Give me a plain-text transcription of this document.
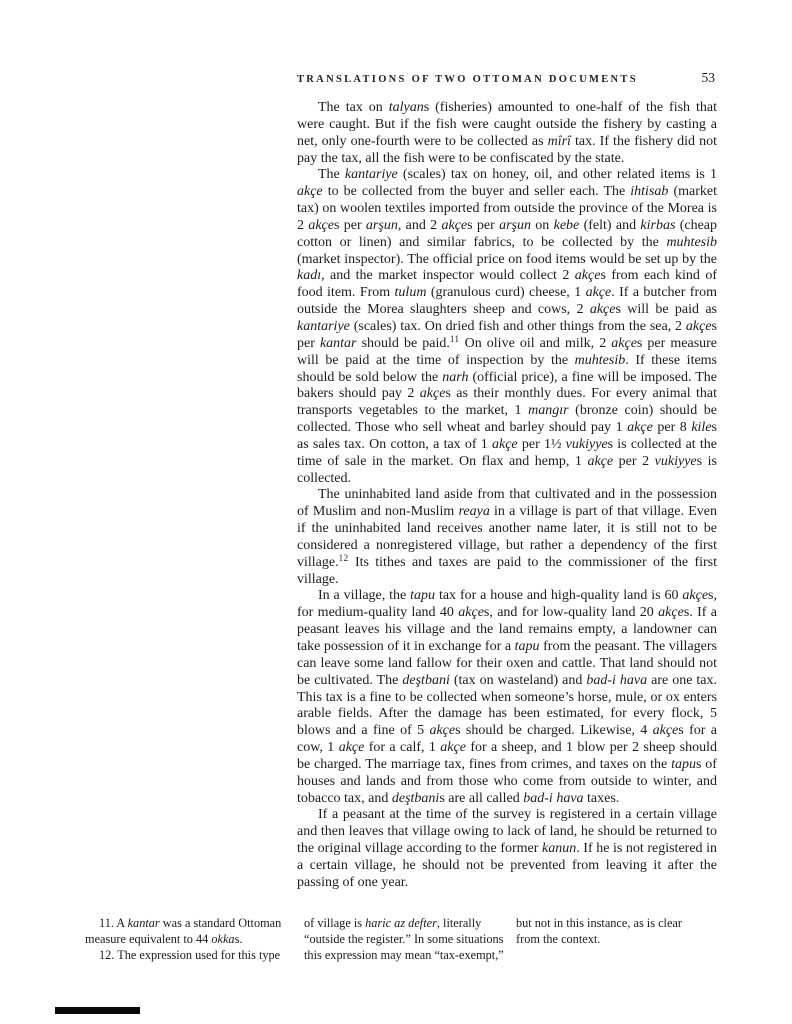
TRANSLATIONS OF TWO OTTOMAN DOCUMENTS	53

The tax on talyans (fisheries) amounted to one-half of the fish that were caught. But if the fish were caught outside the fishery by casting a net, only one-fourth were to be collected as mîrî tax. If the fishery did not pay the tax, all the fish were to be confiscated by the state.

The kantariye (scales) tax on honey, oil, and other related items is 1 akçe to be collected from the buyer and seller each. The ihtisab (market tax) on woolen textiles imported from outside the province of the Morea is 2 akçes per arşun, and 2 akçes per arşun on kebe (felt) and kirbas (cheap cotton or linen) and similar fabrics, to be collected by the muhtesib (market inspector). The official price on food items would be set up by the kadı, and the market inspector would collect 2 akçes from each kind of food item. From tulum (granulous curd) cheese, 1 akçe. If a butcher from outside the Morea slaughters sheep and cows, 2 akçes will be paid as kantariye (scales) tax. On dried fish and other things from the sea, 2 akçes per kantar should be paid.$^{11}$ On olive oil and milk, 2 akçes per measure will be paid at the time of inspection by the muhtesib. If these items should be sold below the narh (official price), a fine will be imposed. The bakers should pay 2 akçes as their monthly dues. For every animal that transports vegetables to the market, 1 mangır (bronze coin) should be collected. Those who sell wheat and barley should pay 1 akçe per 8 kiles as sales tax. On cotton, a tax of 1 akçe per 1½ vukiyyes is collected at the time of sale in the market. On flax and hemp, 1 akçe per 2 vukiyyes is collected.

The uninhabited land aside from that cultivated and in the possession of Muslim and non-Muslim reaya in a village is part of that village. Even if the uninhabited land receives another name later, it is still not to be considered a nonregistered village, but rather a dependency of the first village.$^{12}$ Its tithes and taxes are paid to the commissioner of the first village.

In a village, the tapu tax for a house and high-quality land is 60 akçes, for medium-quality land 40 akçes, and for low-quality land 20 akçes. If a peasant leaves his village and the land remains empty, a landowner can take possession of it in exchange for a tapu from the peasant. The villagers can leave some land fallow for their oxen and cattle. That land should not be cultivated. The deştbani (tax on wasteland) and bad-i hava are one tax. This tax is a fine to be collected when someone’s horse, mule, or ox enters arable fields. After the damage has been estimated, for every flock, 5 blows and a fine of 5 akçes should be charged. Likewise, 4 akçes for a cow, 1 akçe for a calf, 1 akçe for a sheep, and 1 blow per 2 sheep should be charged. The marriage tax, fines from crimes, and taxes on the tapus of houses and lands and from those who come from outside to winter, and tobacco tax, and deştbanis are all called bad-i hava taxes.

If a peasant at the time of the survey is registered in a certain village and then leaves that village owing to lack of land, he should be returned to the original village according to the former kanun. If he is not registered in a certain village, he should not be prevented from leaving it after the passing of one year.

11. A kantar was a standard Ottoman measure equivalent to 44 okkas.

12. The expression used for this type

of village is haric az defter, literally “outside the register.” In some situations this expression may mean “tax-exempt,”

but not in this instance, as is clear from the context.
